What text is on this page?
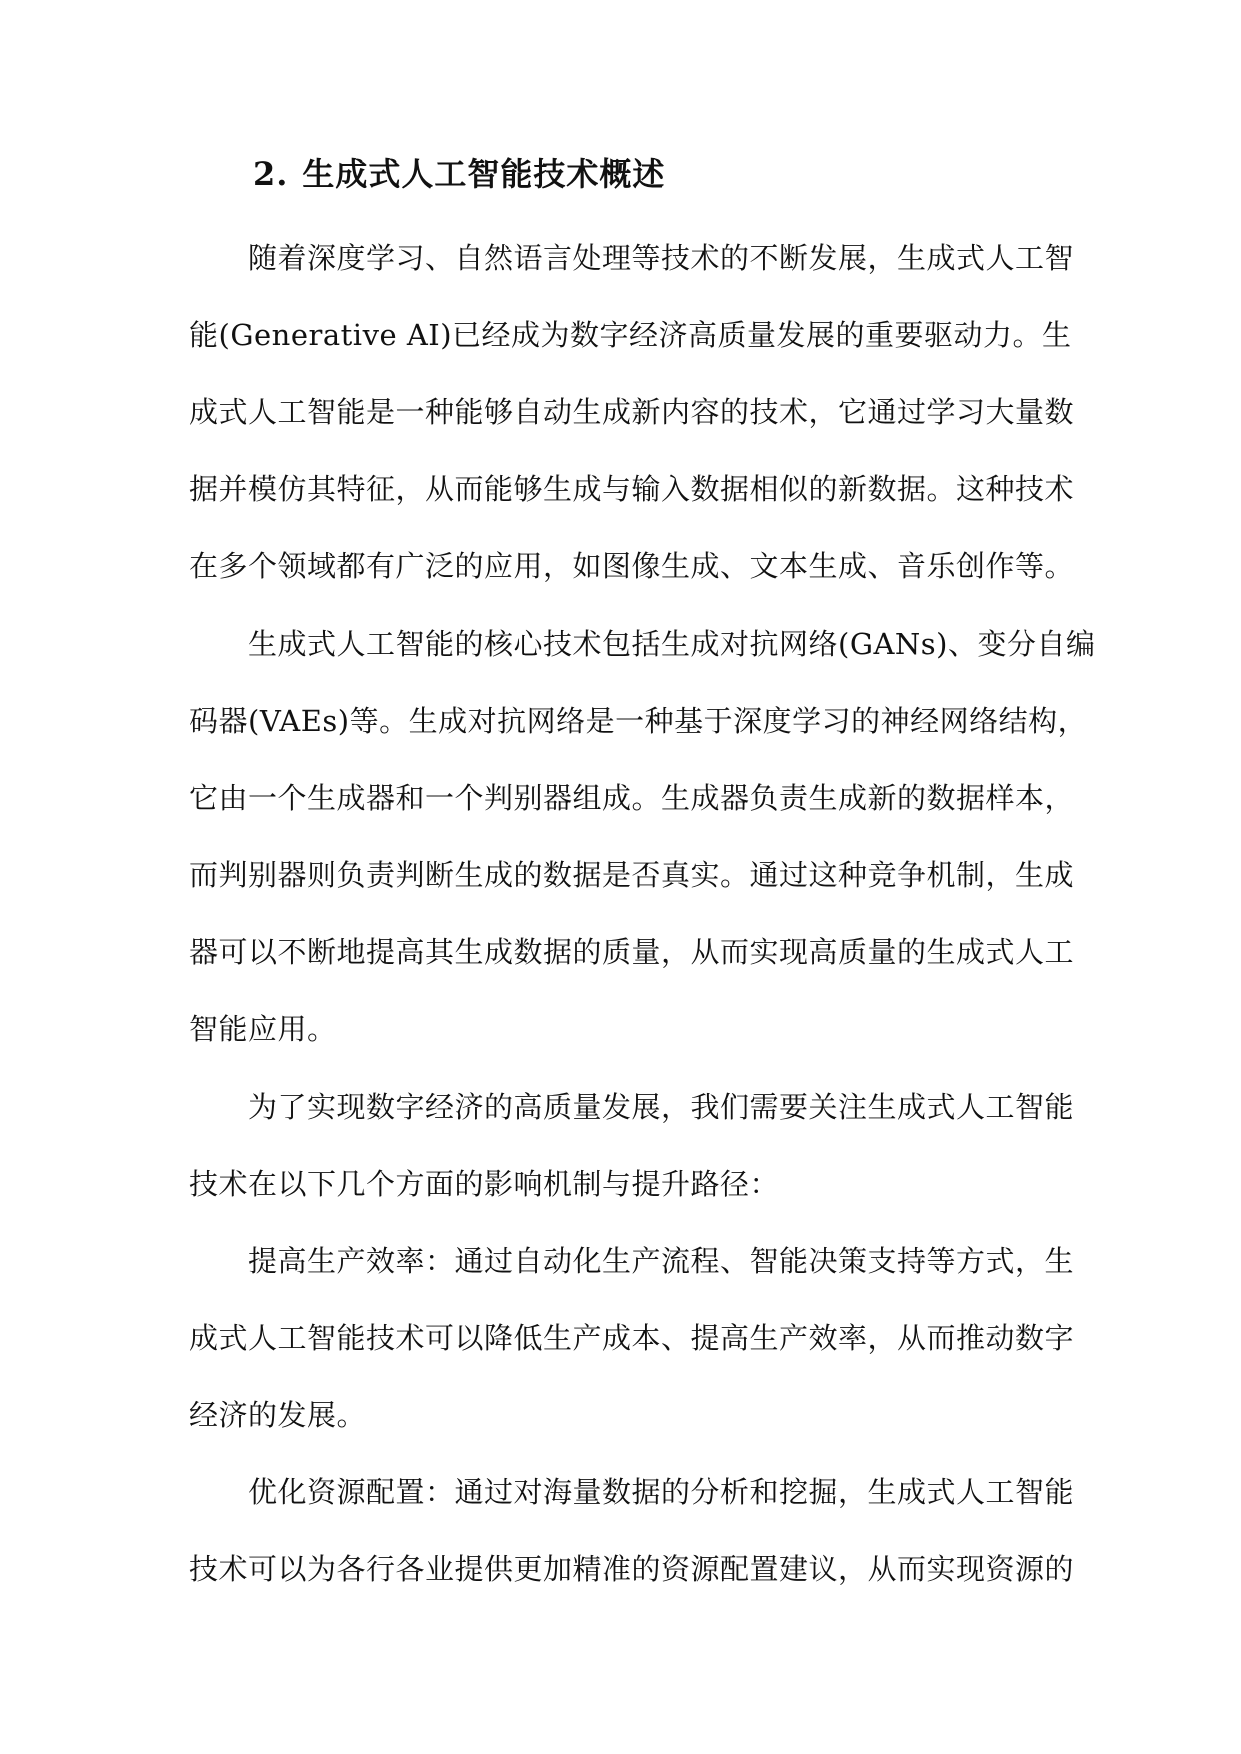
2. 生成式人工智能技术概述

随着深度学习、自然语言处理等技术的不断发展，生成式人工智

能(Generative AI)已经成为数字经济高质量发展的重要驱动力。生

成式人工智能是一种能够自动生成新内容的技术，它通过学习大量数

据并模仿其特征，从而能够生成与输入数据相似的新数据。这种技术

在多个领域都有广泛的应用，如图像生成、文本生成、音乐创作等。

生成式人工智能的核心技术包括生成对抗网络(GANs)、变分自编

码器(VAEs)等。生成对抗网络是一种基于深度学习的神经网络结构，

它由一个生成器和一个判别器组成。生成器负责生成新的数据样本，

而判别器则负责判断生成的数据是否真实。通过这种竞争机制，生成

器可以不断地提高其生成数据的质量，从而实现高质量的生成式人工

智能应用。

为了实现数字经济的高质量发展，我们需要关注生成式人工智能

技术在以下几个方面的影响机制与提升路径：

提高生产效率：通过自动化生产流程、智能决策支持等方式，生

成式人工智能技术可以降低生产成本、提高生产效率，从而推动数字

经济的发展。

优化资源配置：通过对海量数据的分析和挖掘，生成式人工智能

技术可以为各行各业提供更加精准的资源配置建议，从而实现资源的
